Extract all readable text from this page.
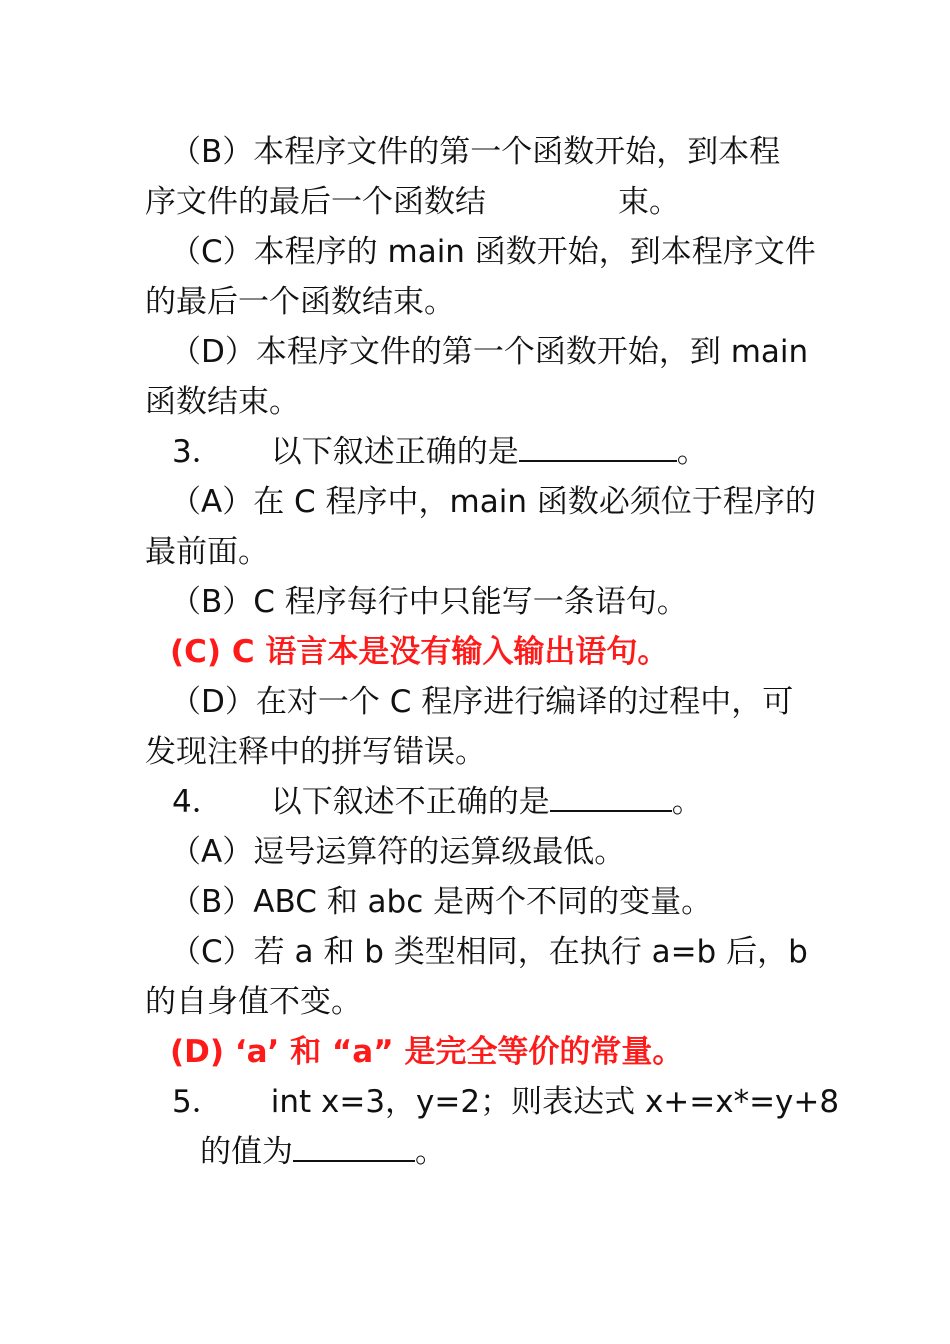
（B）本程序文件的第一个函数开始，到本程
序文件的最后一个函数结	束。
（C）本程序的 main 函数开始，到本程序文件
的最后一个函数结束。
（D）本程序文件的第一个函数开始，到 main
函数结束。
3． 以下叙述正确的是	。
（A）在 C 程序中，main 函数必须位于程序的
最前面。
（B）C 程序每行中只能写一条语句。
(C) C 语言本是没有输入输出语句。
（D）在对一个 C 程序进行编译的过程中，可
发现注释中的拼写错误。
4． 以下叙述不正确的是	。
（A）逗号运算符的运算级最低。
（B）ABC 和 abc 是两个不同的变量。
（C）若 a 和 b 类型相同，在执行 a=b 后，b
的自身值不变。
(D) ‘a’ 和 “a” 是完全等价的常量。
5． int x=3，y=2；则表达式 x+=x*=y+8
的值为	。
